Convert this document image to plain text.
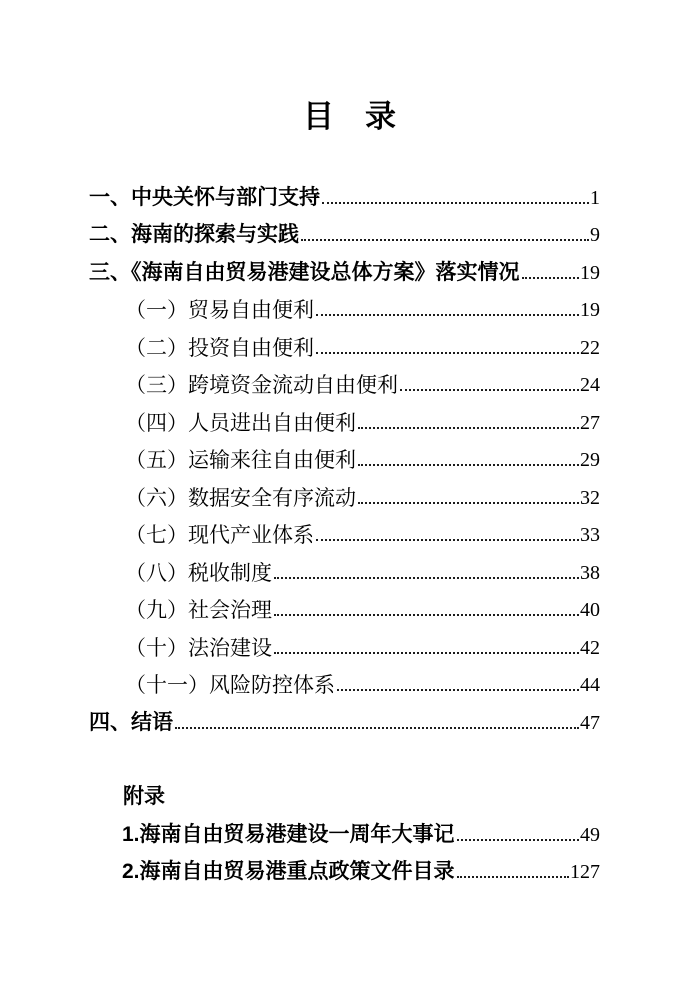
目　录
一、中央关怀与部门支持	1
二、海南的探索与实践	9
三、《海南自由贸易港建设总体方案》落实情况	19
（一）贸易自由便利	19
（二）投资自由便利	22
（三）跨境资金流动自由便利	24
（四）人员进出自由便利	27
（五）运输来往自由便利	29
（六）数据安全有序流动	32
（七）现代产业体系	33
（八）税收制度	38
（九）社会治理	40
（十）法治建设	42
（十一）风险防控体系	44
四、结语	47
附录
1.海南自由贸易港建设一周年大事记	49
2.海南自由贸易港重点政策文件目录	127
